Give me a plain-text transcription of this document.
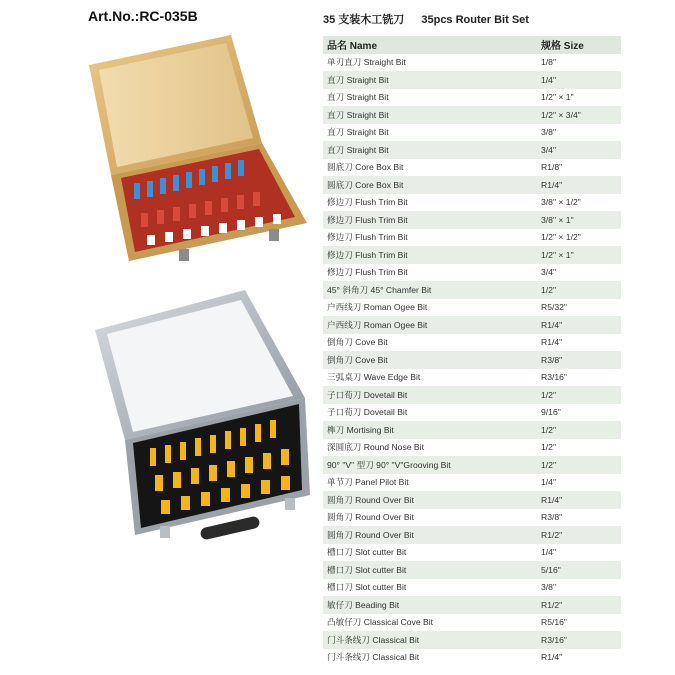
Art.No.:RC-035B	35 支装木工铣刀 35pcs Router Bit Set
品名 Name	规格 Size
单刃直刀 Straight Bit	1/8"
直刀 Straight Bit	1/4"
直刀 Straight Bit	1/2" × 1"
直刀 Straight Bit	1/2" × 3/4"
直刀 Straight Bit	3/8"
直刀 Straight Bit	3/4"
圆底刀 Core Box Bit	R1/8"
圆底刀 Core Box Bit	R1/4"
修边刀 Flush Trim Bit	3/8" × 1/2"
修边刀 Flush Trim Bit	3/8" × 1"
修边刀 Flush Trim Bit	1/2" × 1/2"
修边刀 Flush Trim Bit	1/2" × 1"
修边刀 Flush Trim Bit	3/4"
45° 斜角刀 45° Chamfer Bit	1/2"
户西线刀 Roman Ogee Bit	R5/32"
户西线刀 Roman Ogee Bit	R1/4"
倒角刀 Cove Bit	R1/4"
倒角刀 Cove Bit	R3/8"
三弧桌刀 Wave Edge Bit	R3/16"
子口荀刀 Dovetail Bit	1/2"
子口荀刀 Dovetail Bit	9/16"
榫刀 Mortising Bit	1/2"
深圆底刀 Round Nose Bit	1/2"
90° "V" 型刀 90° "V"Grooving Bit	1/2"
单节刀 Panel Pilot Bit	1/4"
圆角刀 Round Over Bit	R1/4"
圆角刀 Round Over Bit	R3/8"
圆角刀 Round Over Bit	R1/2"
槽口刀 Slot cutter Bit	1/4"
槽口刀 Slot cutter Bit	5/16"
槽口刀 Slot cutter Bit	3/8"
敏仔刀 Beading Bit	R1/2"
凸敏仔刀 Classical Cove Bit	R5/16"
门斗条线刀 Classical Bit	R3/16"
门斗条线刀 Classical Bit	R1/4"
